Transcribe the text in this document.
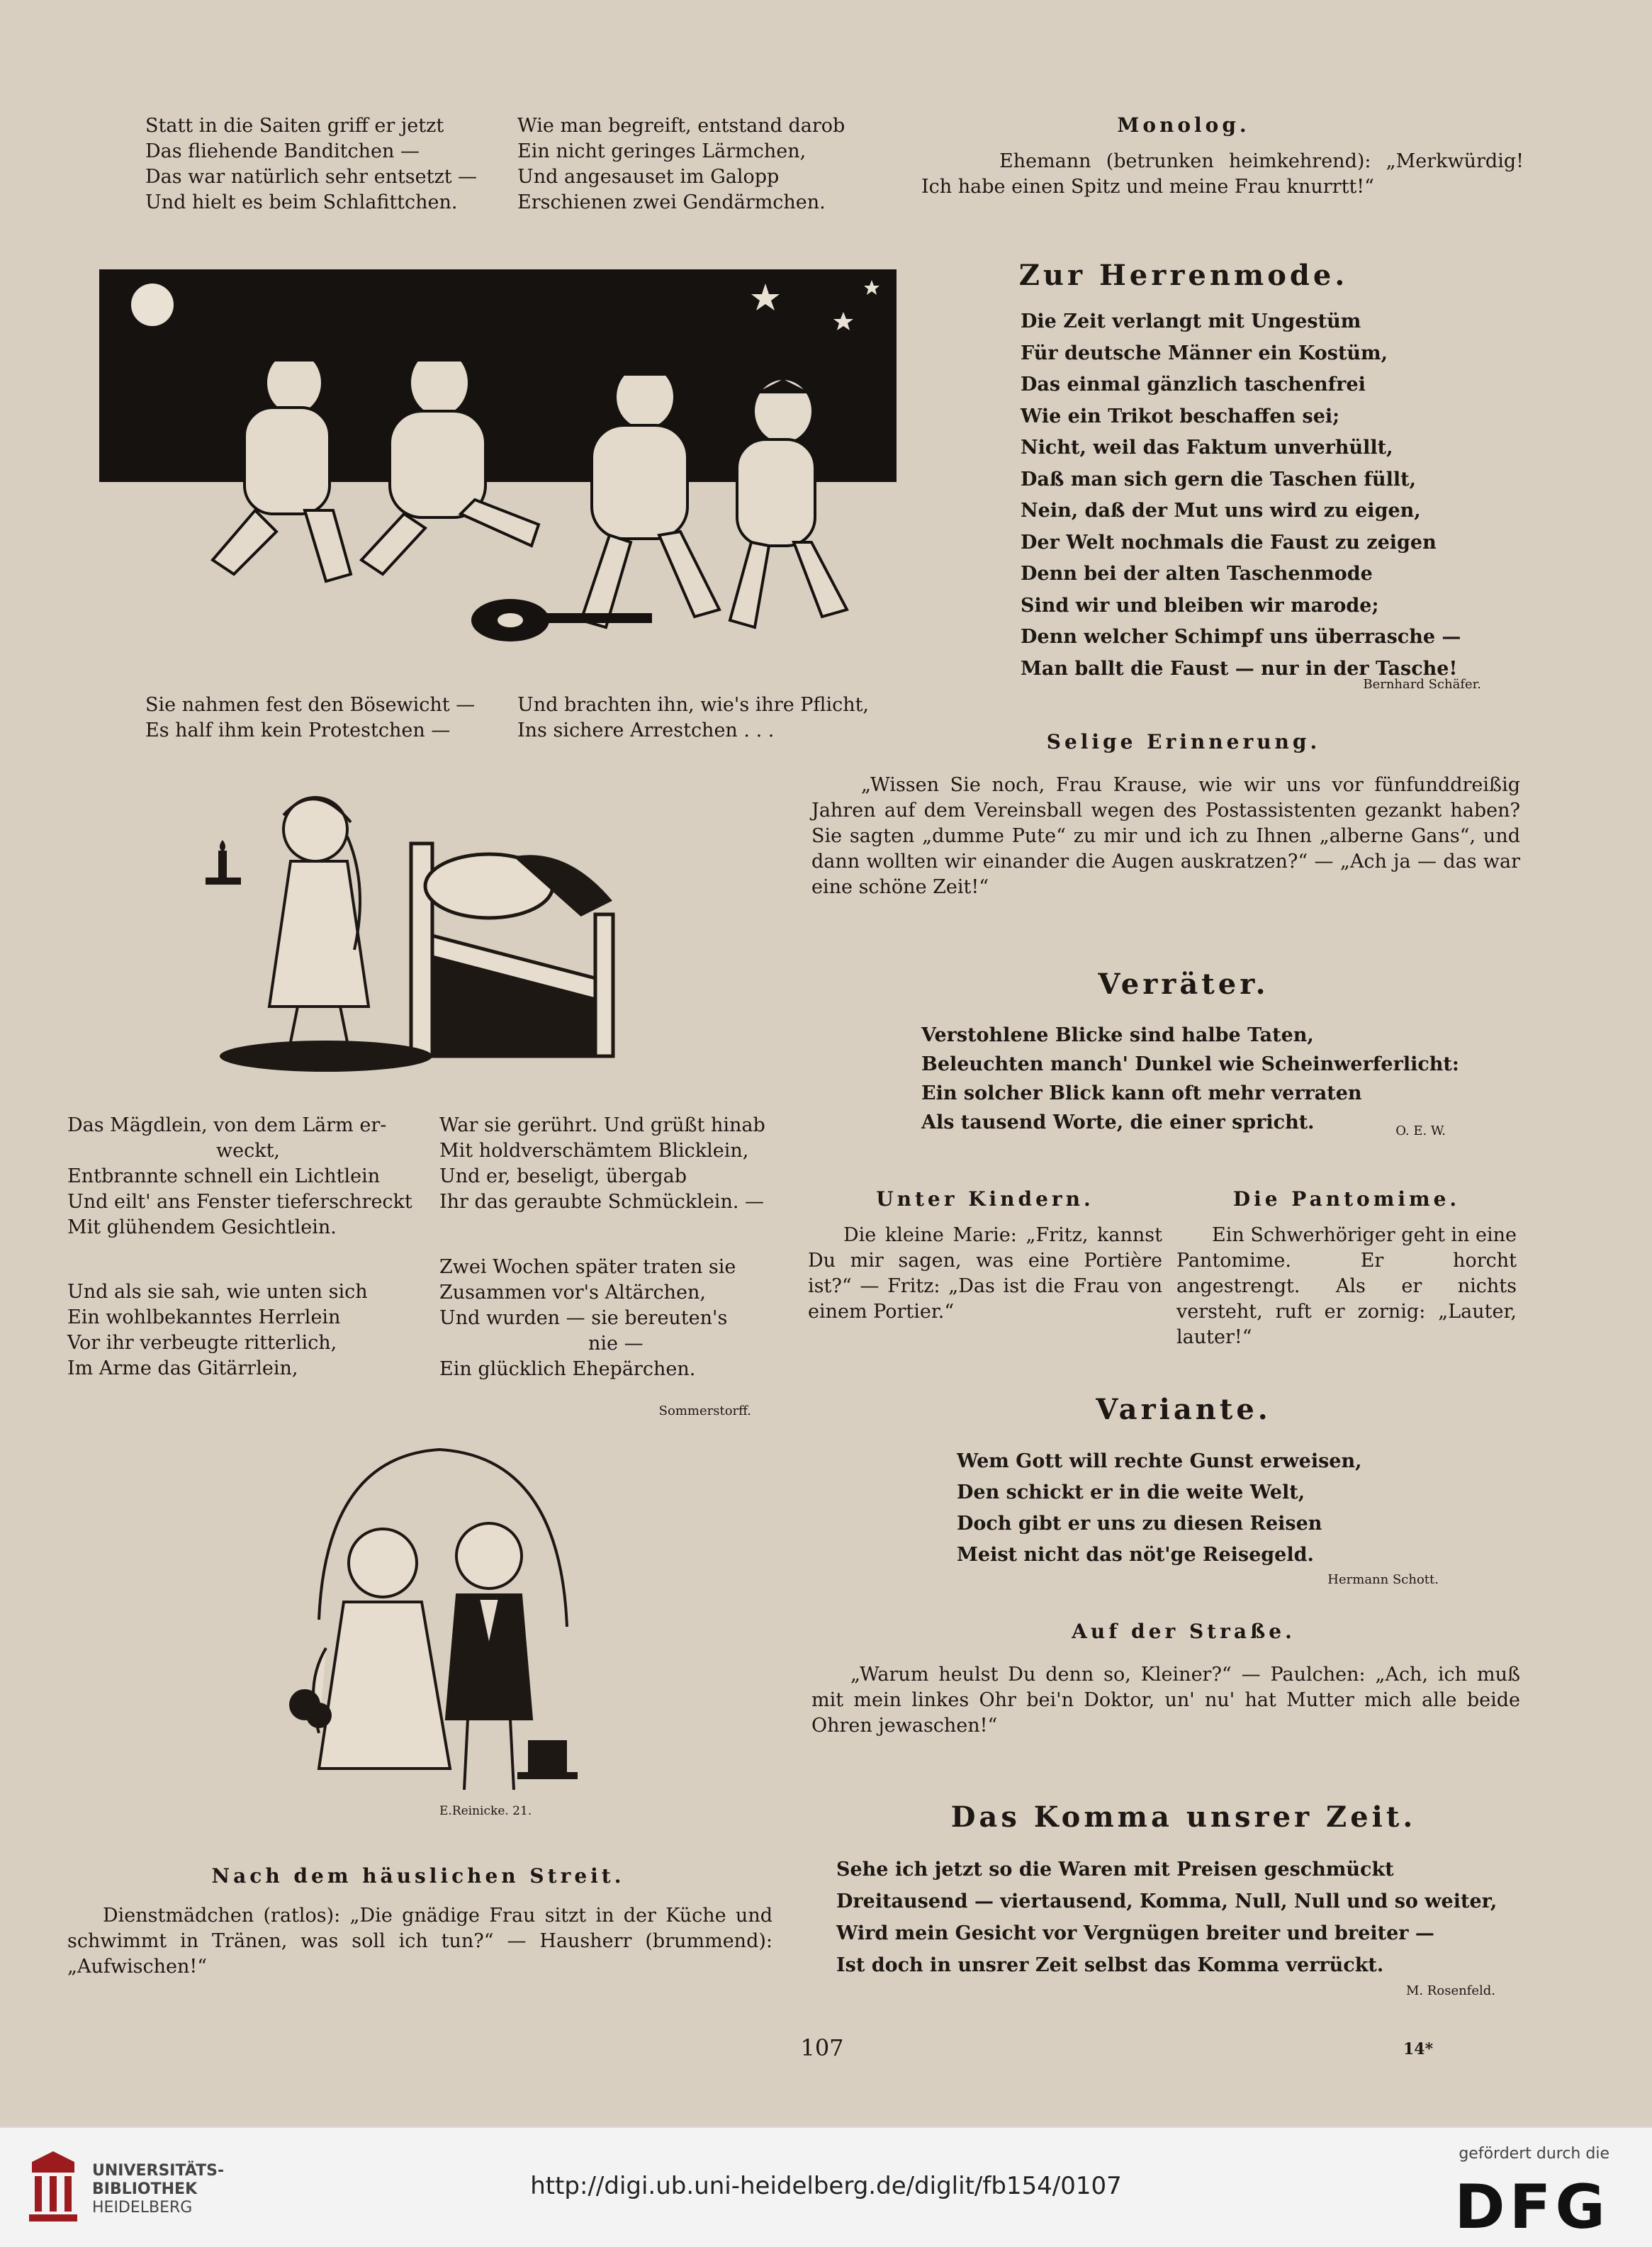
Statt in die Saiten griff er jetzt
Das fliehende Banditchen —
Das war natürlich sehr entsetzt —
Und hielt es beim Schlafittchen.
Wie man begreift, entstand darob
Ein nicht geringes Lärmchen,
Und angesauset im Galopp
Erschienen zwei Gendärmchen.
Sie nahmen fest den Bösewicht —
Es half ihm kein Protestchen —
Und brachten ihn, wie's ihre Pflicht,
Ins sichere Arrestchen . . .
Das Mägdlein, von dem Lärm er-
weckt,
Entbrannte schnell ein Lichtlein
Und eilt' ans Fenster tieferschreckt
Mit glühendem Gesichtlein.
Und als sie sah, wie unten sich
Ein wohlbekanntes Herrlein
Vor ihr verbeugte ritterlich,
Im Arme das Gitärrlein,
War sie gerührt. Und grüßt hinab
Mit holdverschämtem Blicklein,
Und er, beseligt, übergab
Ihr das geraubte Schmücklein. —
Zwei Wochen später traten sie
Zusammen vor's Altärchen,
Und wurden — sie bereuten's
nie —
Ein glücklich Ehepärchen.
Sommerstorff.
E.Reinicke. 21.
Nach dem häuslichen Streit.
Dienstmädchen (ratlos): „Die gnädige Frau sitzt in der Küche und schwimmt in Tränen, was soll ich tun?“ — Hausherr (brummend): „Aufwischen!“
Monolog.
Ehemann (betrunken heimkehrend): „Merkwürdig! Ich habe einen Spitz und meine Frau knurrtt!“
Zur Herrenmode.
Die Zeit verlangt mit Ungestüm
Für deutsche Männer ein Kostüm,
Das einmal gänzlich taschenfrei
Wie ein Trikot beschaffen sei;
Nicht, weil das Faktum unverhüllt,
Daß man sich gern die Taschen füllt,
Nein, daß der Mut uns wird zu eigen,
Der Welt nochmals die Faust zu zeigen
Denn bei der alten Taschenmode
Sind wir und bleiben wir marode;
Denn welcher Schimpf uns überrasche —
Man ballt die Faust — nur in der Tasche!
Bernhard Schäfer.
Selige Erinnerung.
„Wissen Sie noch, Frau Krause, wie wir uns vor fünfunddreißig Jahren auf dem Vereinsball wegen des Postassistenten gezankt haben? Sie sagten „dumme Pute“ zu mir und ich zu Ihnen „alberne Gans“, und dann wollten wir einander die Augen auskratzen?“ — „Ach ja — das war eine schöne Zeit!“
Verräter.
Verstohlene Blicke sind halbe Taten,
Beleuchten manch' Dunkel wie Scheinwerferlicht:
Ein solcher Blick kann oft mehr verraten
Als tausend Worte, die einer spricht.	O. E. W.
Unter Kindern.
Die kleine Marie: „Fritz, kannst Du mir sagen, was eine Portière ist?“ — Fritz: „Das ist die Frau von einem Portier.“
Die Pantomime.
Ein Schwerhöriger geht in eine Pantomime. Er horcht angestrengt. Als er nichts versteht, ruft er zornig: „Lauter, lauter!“
Variante.
Wem Gott will rechte Gunst erweisen,
Den schickt er in die weite Welt,
Doch gibt er uns zu diesen Reisen
Meist nicht das nöt'ge Reisegeld.
Hermann Schott.
Auf der Straße.
„Warum heulst Du denn so, Kleiner?“ — Paulchen: „Ach, ich muß mit mein linkes Ohr bei'n Doktor, un' nu' hat Mutter mich alle beide Ohren jewaschen!“
Das Komma unsrer Zeit.
Sehe ich jetzt so die Waren mit Preisen geschmückt
Dreitausend — viertausend, Komma, Null, Null und so weiter,
Wird mein Gesicht vor Vergnügen breiter und breiter —
Ist doch in unsrer Zeit selbst das Komma verrückt.
M. Rosenfeld.
107	14*
UNIVERSITÄTS-
BIBLIOTHEK
HEIDELBERG
http://digi.ub.uni-heidelberg.de/diglit/fb154/0107
gefördert durch die
DFG
